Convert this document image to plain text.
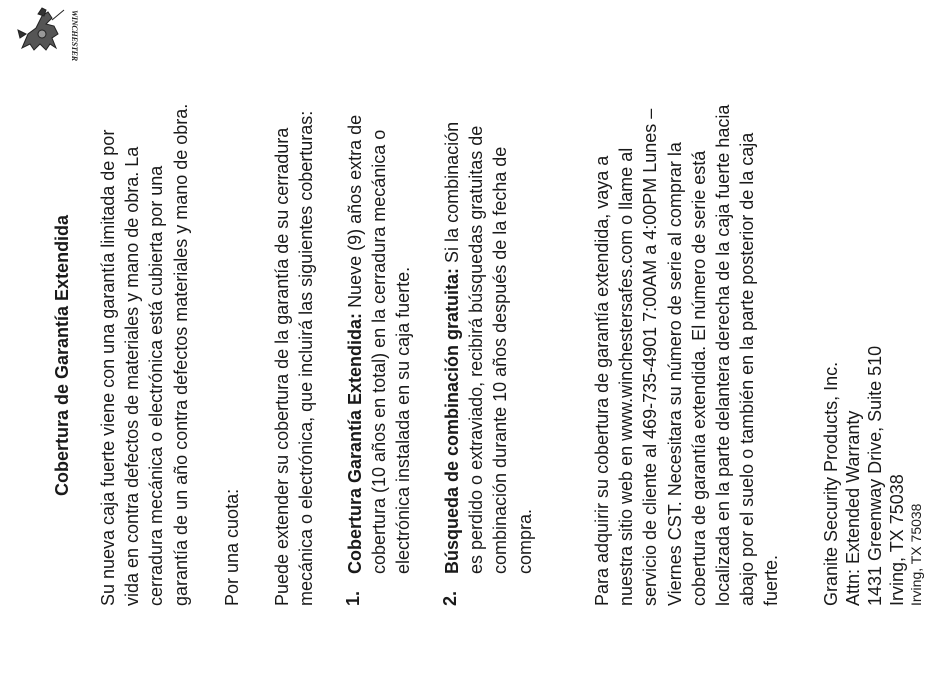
WINCHESTER
Cobertura de Garantía Extendida Su nueva caja fuerte viene con una garantía limitada de por vida en contra defectos de materiales y mano de obra. La cerradura mecánica o electrónica está cubierta por una garantía de un año contra defectos materiales y mano de obra. Por una cuota: Puede extender su cobertura de la garantía de su cerradura mecánica o electrónica, que incluirá las siguientes coberturas: 1.
Cobertura Garantía Extendida: Nueve (9) años extra de cobertura (10 años en total) en la cerradura mecánica o electrónica instalada en su caja fuerte.
2.
Búsqueda de combinación gratuita: Si la combinación es perdido o extraviado, recibirá búsquedas gratuitas de combinación durante 10 años después de la fecha de compra.	Para adquirir su cobertura de garantía extendida, vaya a nuestra sitio web en www.winchestersafes.com o llame al servicio de cliente al 469-735-4901 7:00AM a 4:00PM Lunes – Viernes CST. Necesitara su número de serie al comprar la cobertura de garantía extendida. El número de serie está localizada en la parte delantera derecha de la caja fuerte hacia abajo por el suelo o también en la parte posterior de la caja fuerte. Granite Security Products, Inc. Attn: Extended Warranty 1431 Greenway Drive, Suite 510 Irving, TX 75038 Irving, TX 75038
